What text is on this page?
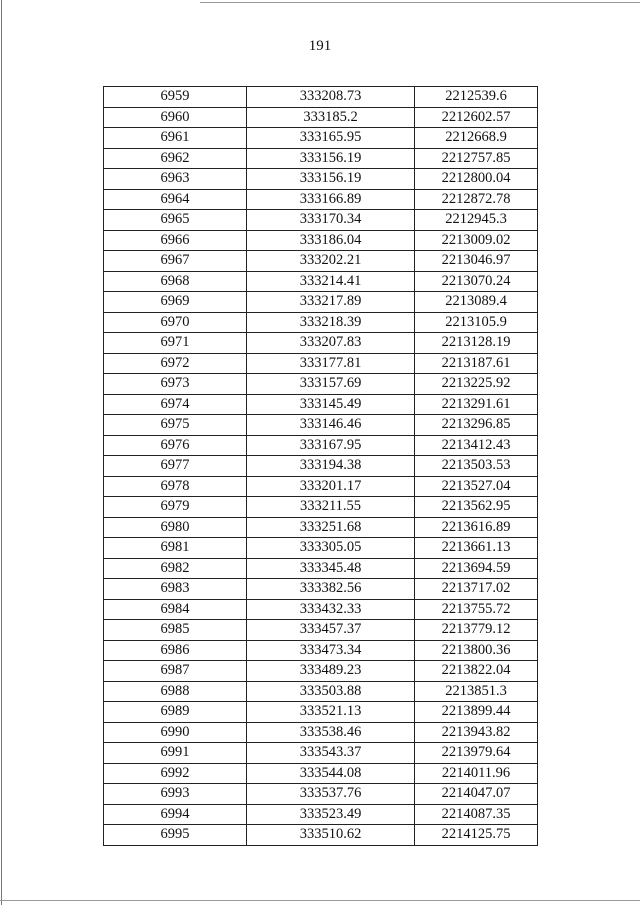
191
6959	333208.73	2212539.6
6960	333185.2	2212602.57
6961	333165.95	2212668.9
6962	333156.19	2212757.85
6963	333156.19	2212800.04
6964	333166.89	2212872.78
6965	333170.34	2212945.3
6966	333186.04	2213009.02
6967	333202.21	2213046.97
6968	333214.41	2213070.24
6969	333217.89	2213089.4
6970	333218.39	2213105.9
6971	333207.83	2213128.19
6972	333177.81	2213187.61
6973	333157.69	2213225.92
6974	333145.49	2213291.61
6975	333146.46	2213296.85
6976	333167.95	2213412.43
6977	333194.38	2213503.53
6978	333201.17	2213527.04
6979	333211.55	2213562.95
6980	333251.68	2213616.89
6981	333305.05	2213661.13
6982	333345.48	2213694.59
6983	333382.56	2213717.02
6984	333432.33	2213755.72
6985	333457.37	2213779.12
6986	333473.34	2213800.36
6987	333489.23	2213822.04
6988	333503.88	2213851.3
6989	333521.13	2213899.44
6990	333538.46	2213943.82
6991	333543.37	2213979.64
6992	333544.08	2214011.96
6993	333537.76	2214047.07
6994	333523.49	2214087.35
6995	333510.62	2214125.75
